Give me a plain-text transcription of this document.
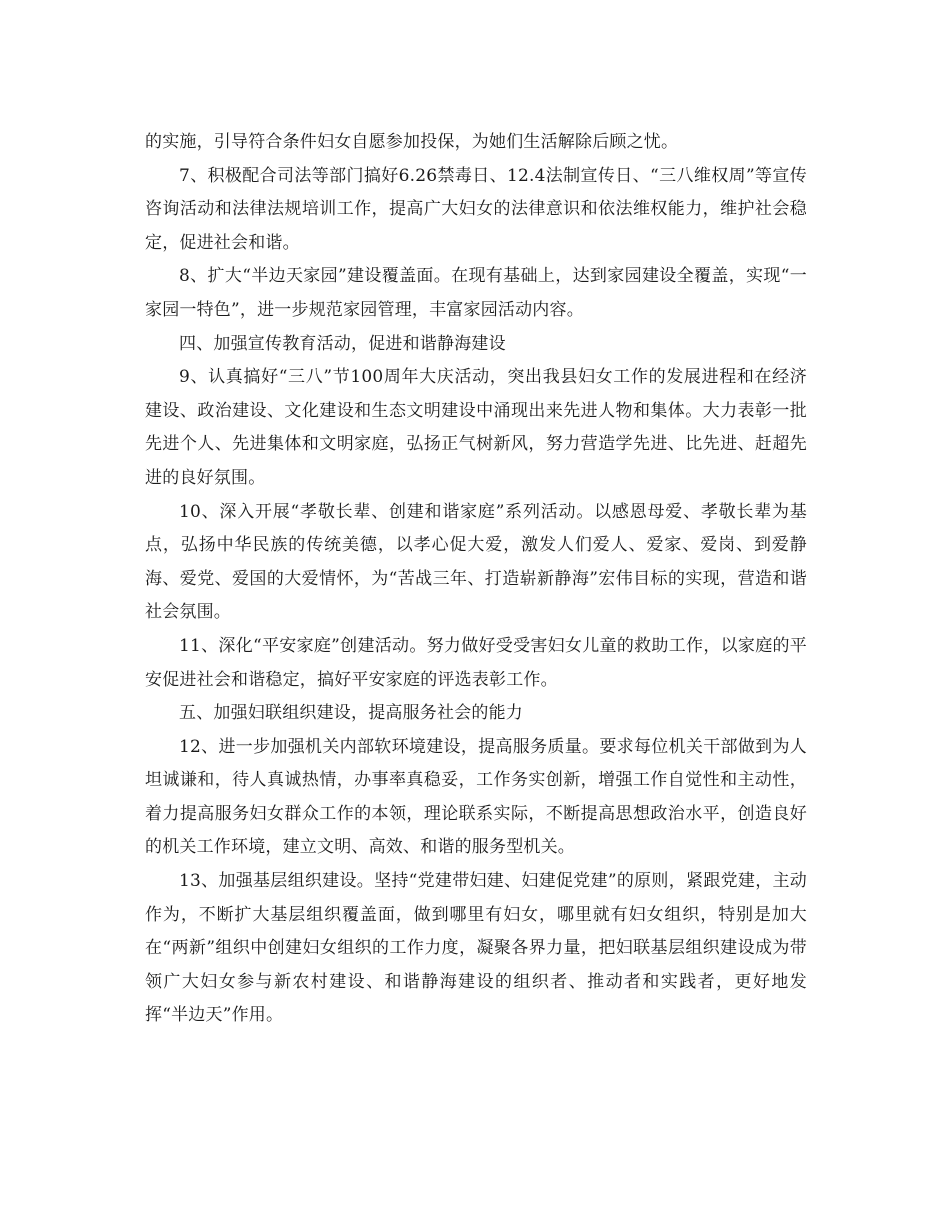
的实施，引导符合条件妇女自愿参加投保，为她们生活解除后顾之忧。

7、积极配合司法等部门搞好6.26禁毒日、12.4法制宣传日、“三八维权周”等宣传咨询活动和法律法规培训工作，提高广大妇女的法律意识和依法维权能力，维护社会稳定，促进社会和谐。

8、扩大“半边天家园”建设覆盖面。在现有基础上，达到家园建设全覆盖，实现“一家园一特色”，进一步规范家园管理，丰富家园活动内容。

四、加强宣传教育活动，促进和谐静海建设

9、认真搞好“三八”节100周年大庆活动，突出我县妇女工作的发展进程和在经济建设、政治建设、文化建设和生态文明建设中涌现出来先进人物和集体。大力表彰一批先进个人、先进集体和文明家庭，弘扬正气树新风，努力营造学先进、比先进、赶超先进的良好氛围。

10、深入开展“孝敬长辈、创建和谐家庭”系列活动。以感恩母爱、孝敬长辈为基点，弘扬中华民族的传统美德，以孝心促大爱，激发人们爱人、爱家、爱岗、到爱静海、爱党、爱国的大爱情怀，为“苦战三年、打造崭新静海”宏伟目标的实现，营造和谐社会氛围。

11、深化“平安家庭”创建活动。努力做好受受害妇女儿童的救助工作，以家庭的平安促进社会和谐稳定，搞好平安家庭的评选表彰工作。

五、加强妇联组织建设，提高服务社会的能力

12、进一步加强机关内部软环境建设，提高服务质量。要求每位机关干部做到为人坦诚谦和，待人真诚热情，办事率真稳妥，工作务实创新，增强工作自觉性和主动性，着力提高服务妇女群众工作的本领，理论联系实际，不断提高思想政治水平，创造良好的机关工作环境，建立文明、高效、和谐的服务型机关。

13、加强基层组织建设。坚持“党建带妇建、妇建促党建”的原则，紧跟党建，主动作为，不断扩大基层组织覆盖面，做到哪里有妇女，哪里就有妇女组织，特别是加大在“两新”组织中创建妇女组织的工作力度，凝聚各界力量，把妇联基层组织建设成为带领广大妇女参与新农村建设、和谐静海建设的组织者、推动者和实践者，更好地发挥“半边天”作用。
